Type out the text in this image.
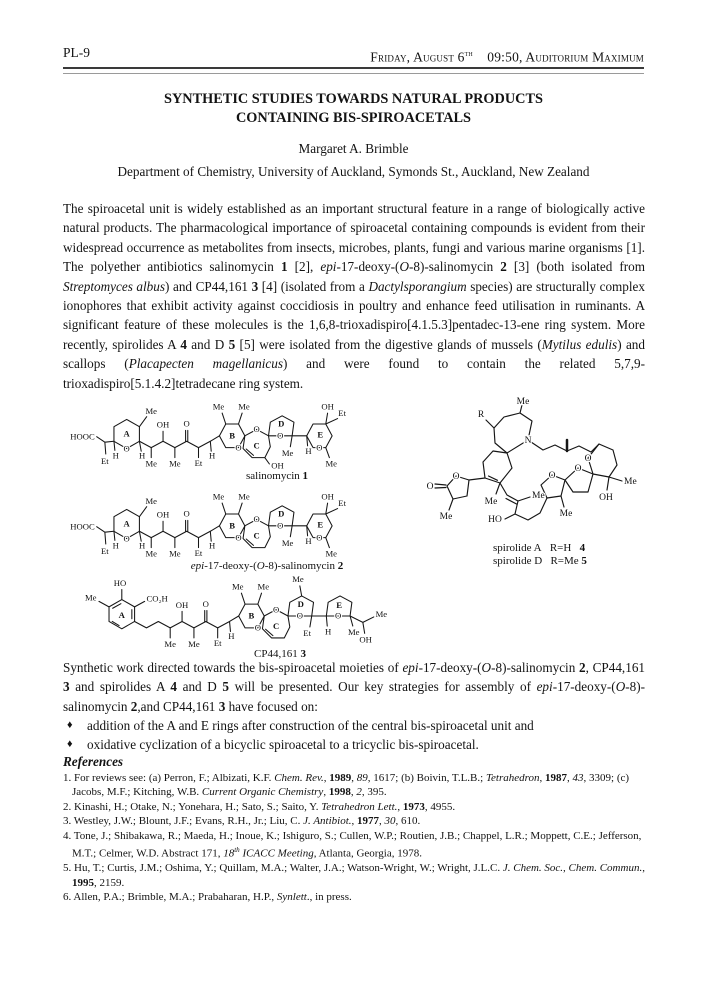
PL-9	Friday, August 6th    09:50, Auditorium Maximum
SYNTHETIC STUDIES TOWARDS NATURAL PRODUCTS
CONTAINING BIS-SPIROACETALS
Margaret A. Brimble
Department of Chemistry, University of Auckland, Symonds St., Auckland, New Zealand
The spiroacetal unit is widely established as an important structural feature in a range of biologically active natural products. The pharmacological importance of spiroacetal containing compounds is evident from their widespread occurrence as metabolites from insects, microbes, plants, fungi and various marine organisms [1]. The polyether antibiotics salinomycin 1 [2], epi-17-deoxy-(O-8)-salinomycin 2 [3] (both isolated from Streptomyces albus) and CP44,161 3 [4] (isolated from a Dactylsporangium species) are structurally complex ionophores that exhibit activity against coccidiosis in poultry and enhance feed utilisation in ruminants. A significant feature of these molecules is the 1,6,8-trioxadispiro[4.1.5.3]pentadec-13-ene ring system. More recently, spirolides A 4 and D 5 [5] were isolated from the digestive glands of mussels (Mytilus edulis) and scallops (Placapecten magellanicus) and were found to contain the related 5,7,9-trioxadispiro[5.1.4.2]tetradecane ring system.
HOOC
Et
H
A
O
Me
H
Me
OH
Me
O
Et
H
Me Me
B
O
O
C
OH
O
D
Me H O
E
OH
Et
Me
salinomycin 1
HOOC
Et
H
A
O
Me
H
Me
OH
Me
O
Et
H
Me Me
B
O
O
C
O
D
Me H O
E
OH
Et
Me
epi-17-deoxy-(O-8)-salinomycin 2
HO
Me	CO₂H
A
Me
OH
Me
O
Et
H
Me Me
B
O
O
C
O
D
Me
Et H
O
E
Me
Me
OH
CP44,161 3
O
O
Me
Me
R
Me
N
O
Me
OH
O
O
Me
Me
HO
spirolide A   R=H   4
spirolide D   R=Me 5
Synthetic work directed towards the bis-spiroacetal moieties of epi-17-deoxy-(O-8)-salinomycin 2, CP44,161 3 and spirolides A 4 and D 5 will be presented. Our key strategies for assembly of epi-17-deoxy-(O-8)-salinomycin 2,and CP44,161 3 have focused on:
♦	addition of the A and E rings after construction of the central bis-spiroacetal unit and
♦	oxidative cyclization of a bicyclic spiroacetal to a tricyclic bis-spiroacetal.
References
1. For reviews see: (a) Perron, F.; Albizati, K.F. Chem. Rev., 1989, 89, 1617; (b) Boivin, T.L.B.; Tetrahedron, 1987, 43, 3309; (c) Jacobs, M.F.; Kitching, W.B. Current Organic Chemistry, 1998, 2, 395.
2. Kinashi, H.; Otake, N.; Yonehara, H.; Sato, S.; Saito, Y. Tetrahedron Lett., 1973, 4955.
3. Westley, J.W.; Blount, J.F.; Evans, R.H., Jr.; Liu, C. J. Antibiot., 1977, 30, 610.
4. Tone, J.; Shibakawa, R.; Maeda, H.; Inoue, K.; Ishiguro, S.; Cullen, W.P.; Routien, J.B.; Chappel, L.R.; Moppett, C.E.; Jefferson, M.T.; Celmer, W.D. Abstract 171, 18th ICACC Meeting, Atlanta, Georgia, 1978.
5. Hu, T.; Curtis, J.M.; Oshima, Y.; Quillam, M.A.; Walter, J.A.; Watson-Wright, W.; Wright, J.L.C. J. Chem. Soc., Chem. Commun., 1995, 2159.
6. Allen, P.A.; Brimble, M.A.; Prabaharan, H.P., Synlett., in press.
